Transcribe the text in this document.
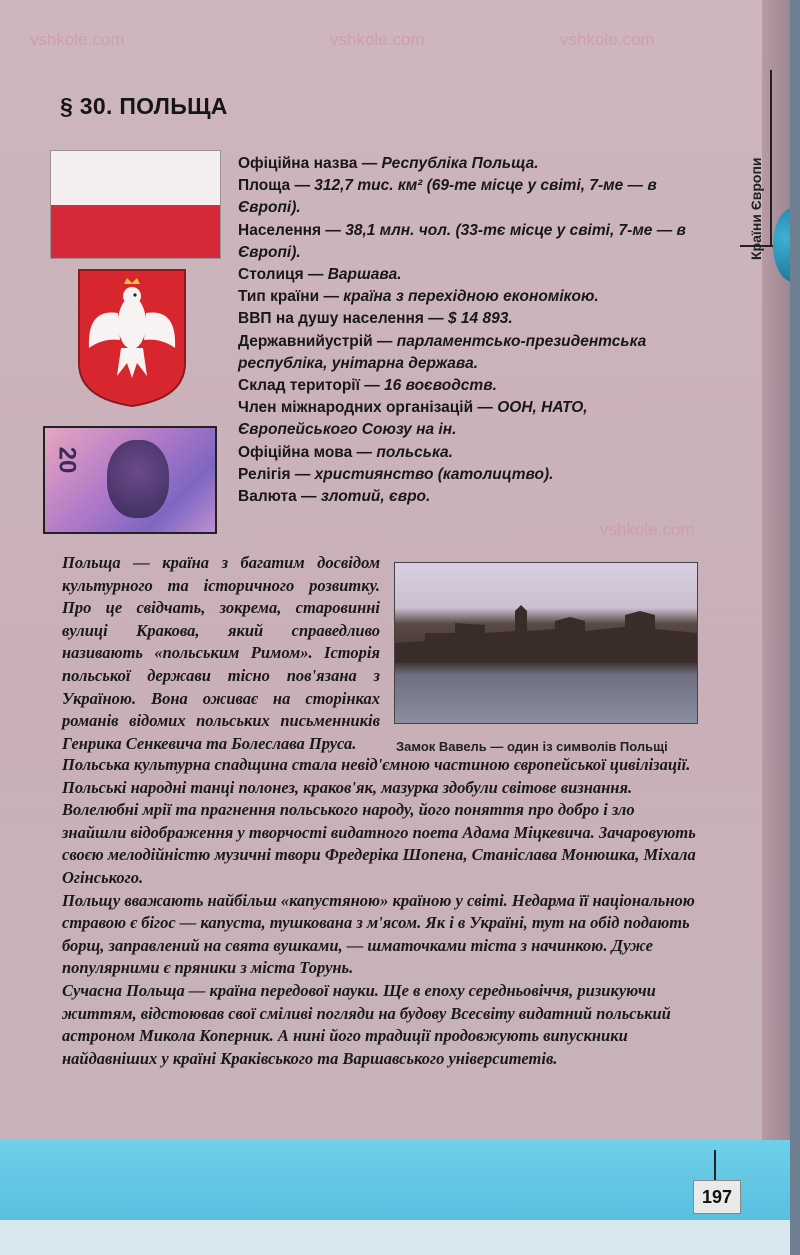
vshkole.com	vshkole.com	vshkole.com
vshkole.com
§ 30. ПОЛЬЩА
Країни Європи
20
Офіційна назва — Республіка Польща.
Площа — 312,7 тис. км² (69-те місце у світі, 7-ме — в Європі).
Населення — 38,1 млн. чол. (33-тє місце у світі, 7-ме — в Європі).
Столиця — Варшава.
Тип країни — країна з перехідною економікою.
ВВП на душу населення — $ 14 893.
Державнийустрій — парламентсько-президентська республіка, унітарна держава.
Склад території — 16 воєводств.
Член міжнародних організацій — ООН, НАТО, Європейського Союзу на ін.
Офіційна мова — польська.
Релігія — християнство (католицтво).
Валюта — злотий, євро.

Польща — країна з багатим досвідом культурного та історичного розвитку. Про це свідчать, зокрема, старовинні вулиці Кракова, який справедливо називають «польським Римом». Історія польської держави тісно пов'язана з Україною. Вона оживає на сторінках романів відомих польських письменників Генрика Сенкевича та Болеслава Пруса.	Замок Вавель — один із символів Польщі

Польська культурна спадщина стала невід'ємною частиною європейської цивілізації. Польські народні танці полонез, краков'як, мазурка здобули світове визнання. Волелюбні мрії та прагнення польського народу, його поняття про добро і зло знайшли відображення у творчості видатного поета Адама Міцкевича. Зачаровують своєю мелодійністю музичні твори Фредеріка Шопена, Станіслава Монюшка, Міхала Огінського.

Польщу вважають найбільш «капустяною» країною у світі. Недарма її національною стравою є бігос — капуста, тушкована з м'ясом. Як і в Україні, тут на обід подають борщ, заправлений на свята вушками, — шматочками тіста з начинкою. Дуже популярними є пряники з міста Торунь.

Сучасна Польща — країна передової науки. Ще в епоху середньовіччя, ризикуючи життям, відстоював свої сміливі погляди на будову Всесвіту видатний польський астроном Микола Коперник. А нині його традиції продовжують випускники найдавніших у країні Краківського та Варшавського університетів.

197
